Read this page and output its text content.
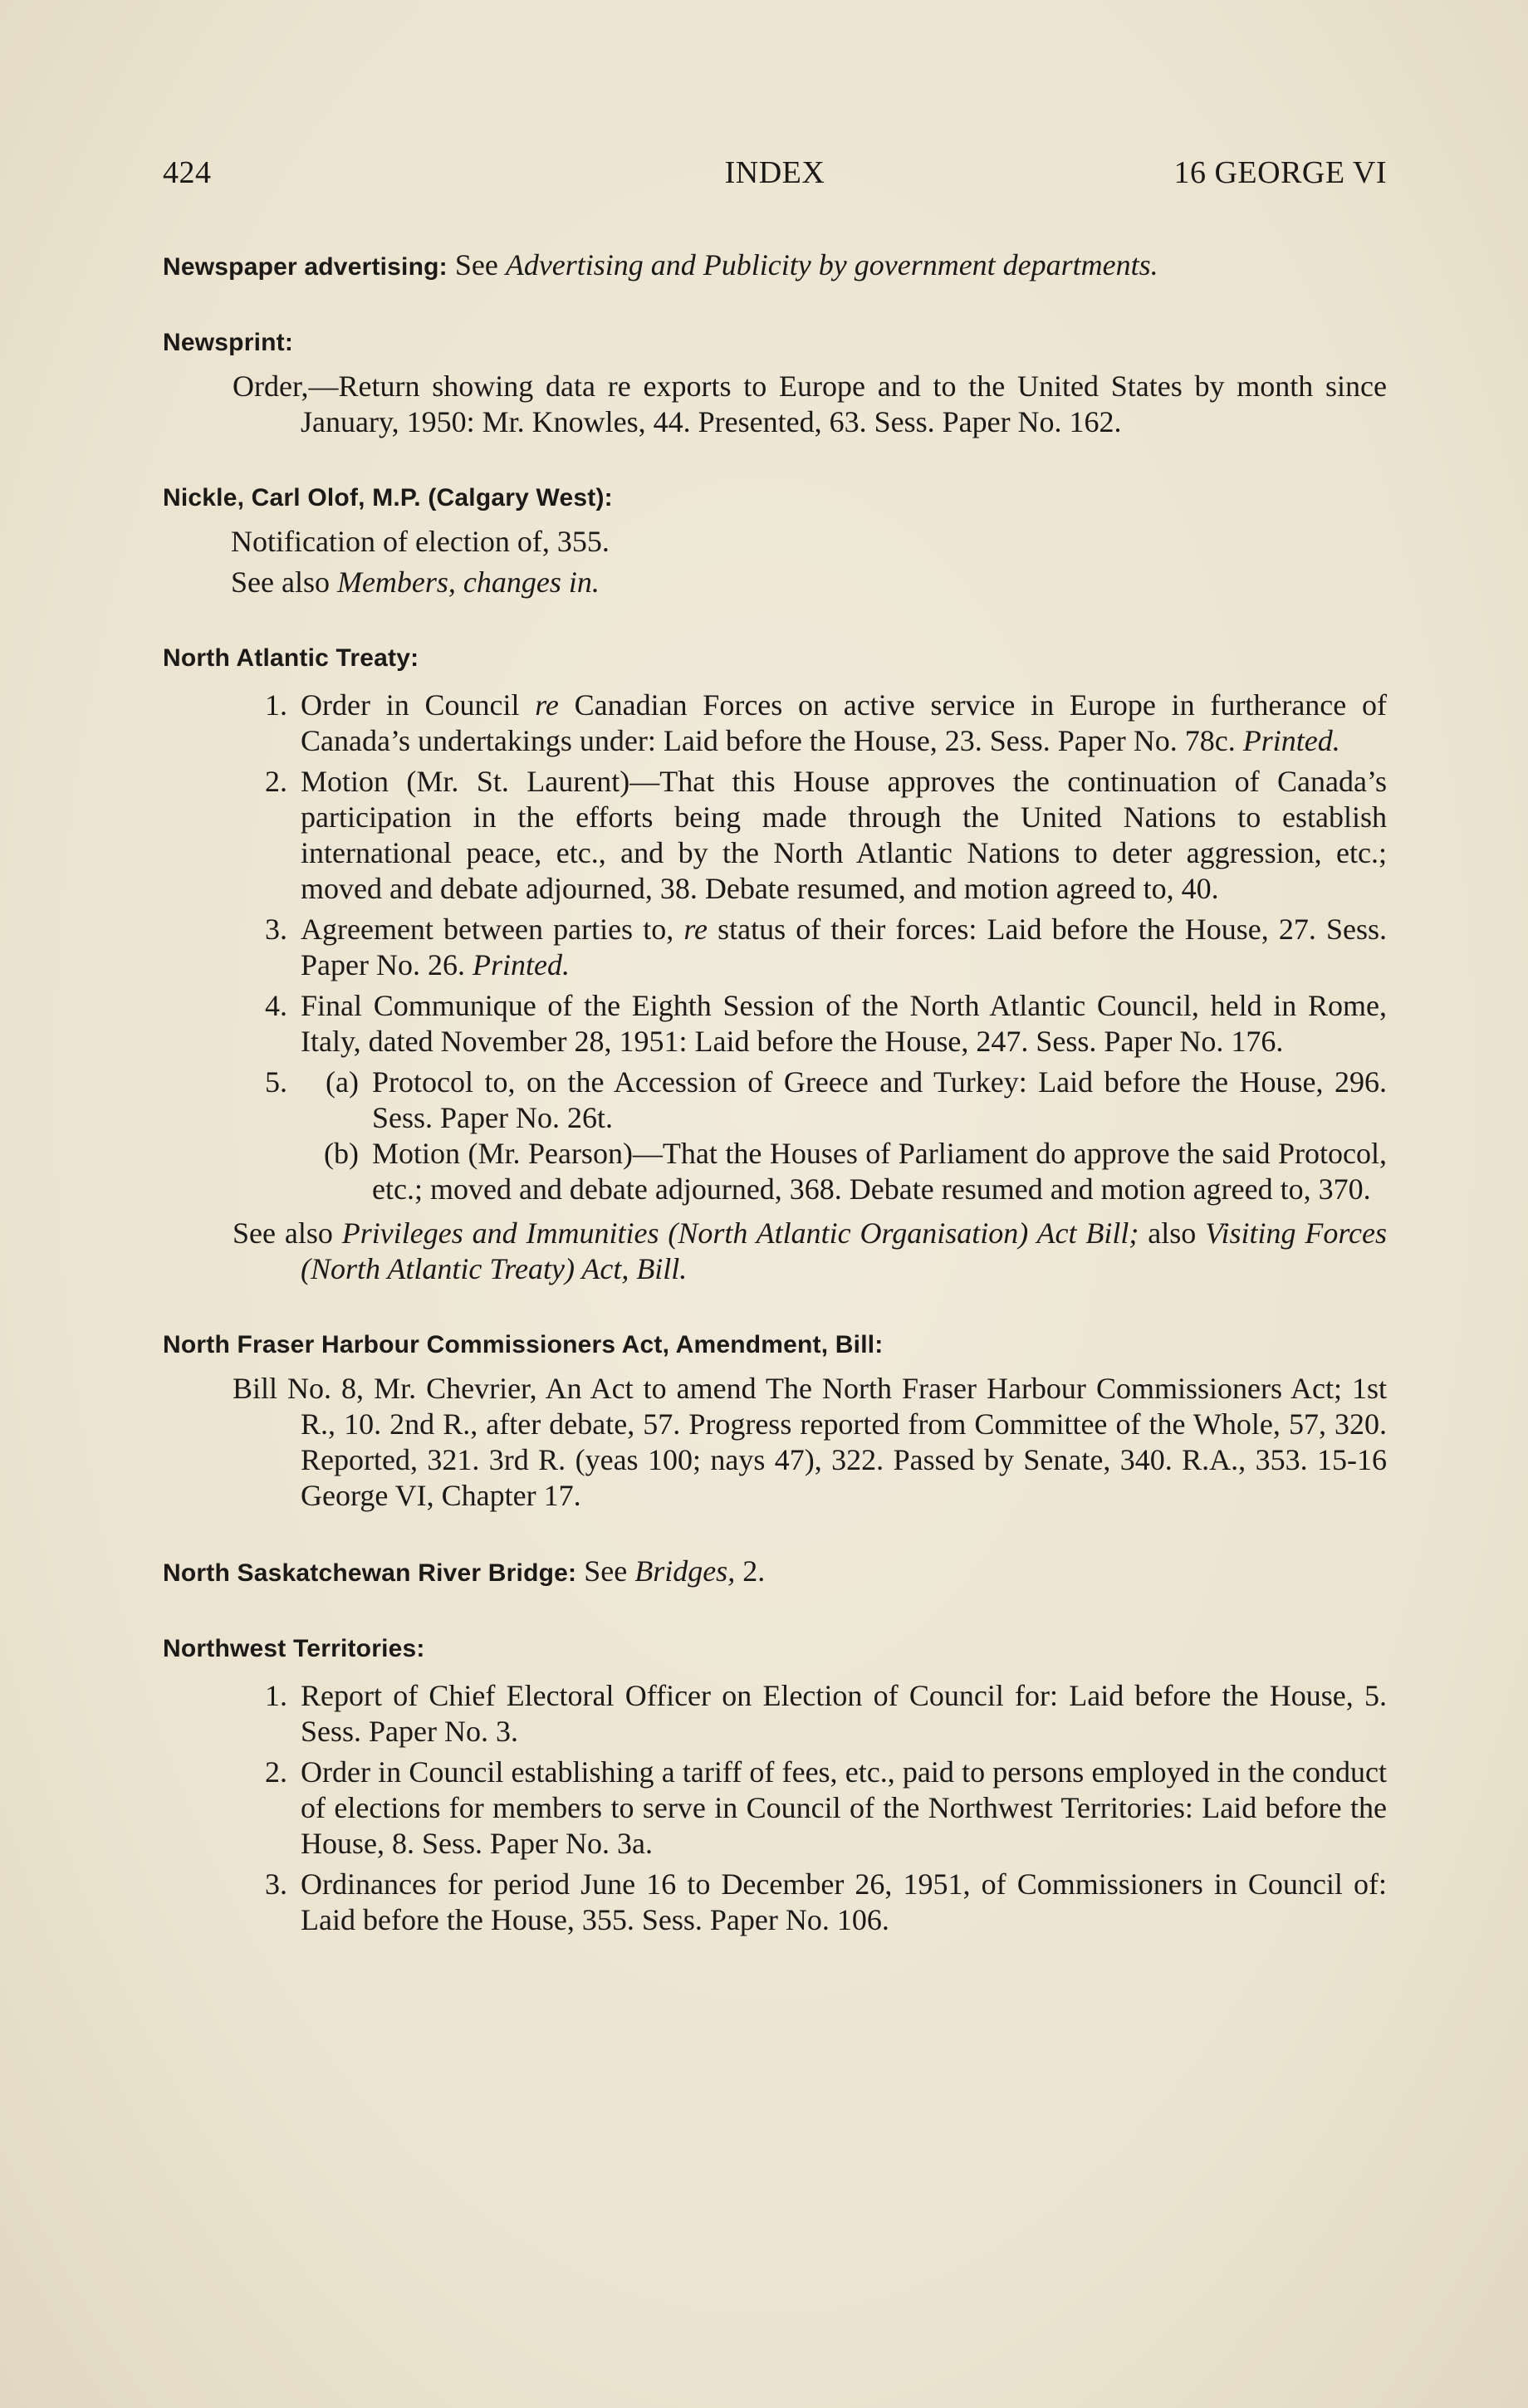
424	INDEX	16 GEORGE VI
Newspaper advertising: See Advertising and Publicity by government departments.
Newsprint:
Order,—Return showing data re exports to Europe and to the United States by month since January, 1950: Mr. Knowles, 44. Presented, 63. Sess. Paper No. 162.
Nickle, Carl Olof, M.P. (Calgary West):
Notification of election of, 355.
See also Members, changes in.
North Atlantic Treaty:
1. Order in Council re Canadian Forces on active service in Europe in furtherance of Canada’s undertakings under: Laid before the House, 23. Sess. Paper No. 78c. Printed.
2. Motion (Mr. St. Laurent)—That this House approves the continuation of Canada’s participation in the efforts being made through the United Nations to establish international peace, etc., and by the North Atlantic Nations to deter aggression, etc.; moved and debate adjourned, 38. Debate resumed, and motion agreed to, 40.
3. Agreement between parties to, re status of their forces: Laid before the House, 27. Sess. Paper No. 26. Printed.
4. Final Communique of the Eighth Session of the North Atlantic Council, held in Rome, Italy, dated November 28, 1951: Laid before the House, 247. Sess. Paper No. 176.
5.	(a) Protocol to, on the Accession of Greece and Turkey: Laid before the House, 296. Sess. Paper No. 26t.
(b) Motion (Mr. Pearson)—That the Houses of Parliament do approve the said Protocol, etc.; moved and debate adjourned, 368. Debate resumed and motion agreed to, 370.
See also Privileges and Immunities (North Atlantic Organisation) Act Bill; also Visiting Forces (North Atlantic Treaty) Act, Bill.
North Fraser Harbour Commissioners Act, Amendment, Bill:
Bill No. 8, Mr. Chevrier, An Act to amend The North Fraser Harbour Commissioners Act; 1st R., 10. 2nd R., after debate, 57. Progress reported from Committee of the Whole, 57, 320. Reported, 321. 3rd R. (yeas 100; nays 47), 322. Passed by Senate, 340. R.A., 353. 15-16 George VI, Chapter 17.
North Saskatchewan River Bridge: See Bridges, 2.
Northwest Territories:
1. Report of Chief Electoral Officer on Election of Council for: Laid before the House, 5. Sess. Paper No. 3.
2. Order in Council establishing a tariff of fees, etc., paid to persons employed in the conduct of elections for members to serve in Council of the Northwest Territories: Laid before the House, 8. Sess. Paper No. 3a.
3. Ordinances for period June 16 to December 26, 1951, of Commissioners in Council of: Laid before the House, 355. Sess. Paper No. 106.
